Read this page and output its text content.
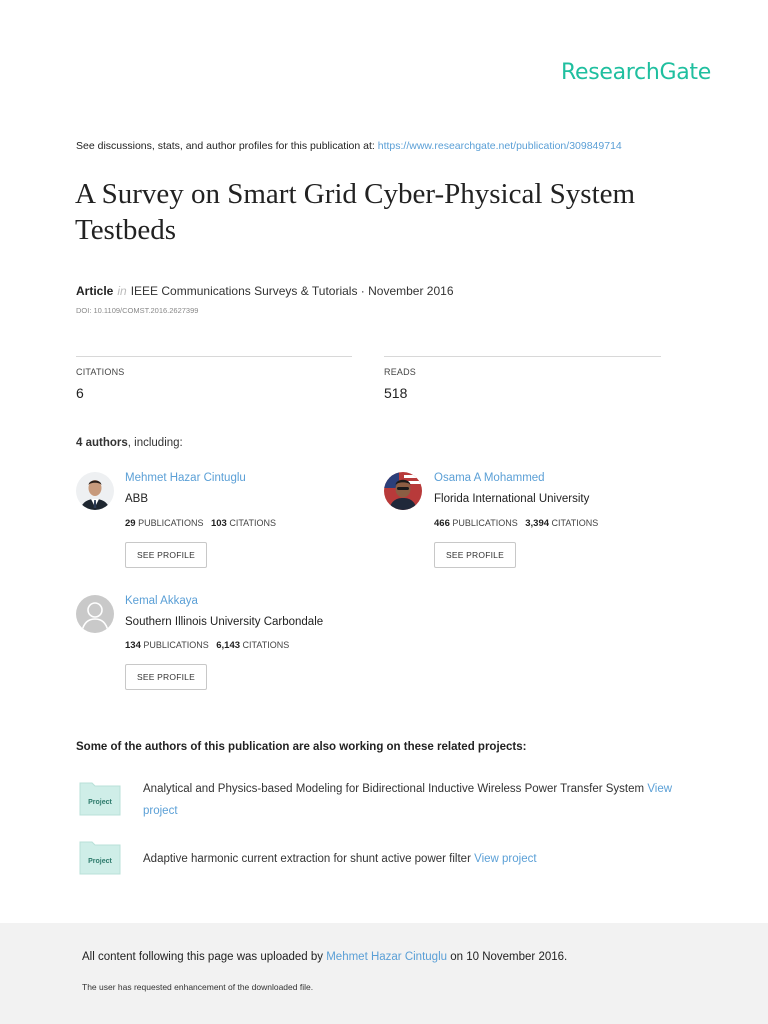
ResearchGate
See discussions, stats, and author profiles for this publication at: https://www.researchgate.net/publication/309849714
A Survey on Smart Grid Cyber-Physical System Testbeds
Article in IEEE Communications Surveys & Tutorials · November 2016
DOI: 10.1109/COMST.2016.2627399
CITATIONS
6
READS
518
4 authors, including:
Mehmet Hazar Cintuglu
ABB
29 PUBLICATIONS 103 CITATIONS
SEE PROFILE
Osama A Mohammed
Florida International University
466 PUBLICATIONS 3,394 CITATIONS
SEE PROFILE
Kemal Akkaya
Southern Illinois University Carbondale
134 PUBLICATIONS 6,143 CITATIONS
SEE PROFILE
Some of the authors of this publication are also working on these related projects:
Project
Analytical and Physics-based Modeling for Bidirectional Inductive Wireless Power Transfer System View
project
Project	Adaptive harmonic current extraction for shunt active power filter View project
All content following this page was uploaded by Mehmet Hazar Cintuglu on 10 November 2016.
The user has requested enhancement of the downloaded file.
